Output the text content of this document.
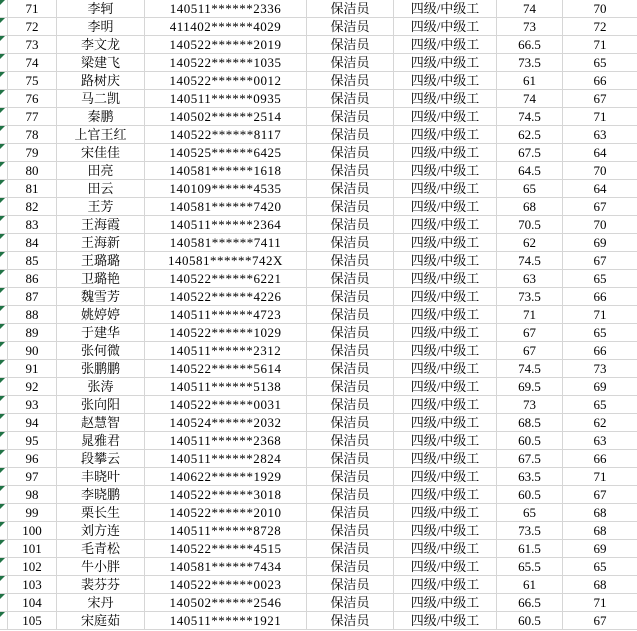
71	李轲	140511******2336	保洁员	四级/中级工	74	70
72	李明	411402******4029	保洁员	四级/中级工	73	72
73	李文龙	140522******2019	保洁员	四级/中级工	66.5	71
74	梁建飞	140522******1035	保洁员	四级/中级工	73.5	65
75	路树庆	140522******0012	保洁员	四级/中级工	61	66
76	马二凯	140511******0935	保洁员	四级/中级工	74	67
77	秦鹏	140502******2514	保洁员	四级/中级工	74.5	71
78	上官王红	140522******8117	保洁员	四级/中级工	62.5	63
79	宋佳佳	140525******6425	保洁员	四级/中级工	67.5	64
80	田亮	140581******1618	保洁员	四级/中级工	64.5	70
81	田云	140109******4535	保洁员	四级/中级工	65	64
82	王芳	140581******7420	保洁员	四级/中级工	68	67
83	王海霞	140511******2364	保洁员	四级/中级工	70.5	70
84	王海新	140581******7411	保洁员	四级/中级工	62	69
85	王璐璐	140581******742X	保洁员	四级/中级工	74.5	67
86	卫璐艳	140522******6221	保洁员	四级/中级工	63	65
87	魏雪芳	140522******4226	保洁员	四级/中级工	73.5	66
88	姚婷婷	140511******4723	保洁员	四级/中级工	71	71
89	于建华	140522******1029	保洁员	四级/中级工	67	65
90	张何微	140511******2312	保洁员	四级/中级工	67	66
91	张鹏鹏	140522******5614	保洁员	四级/中级工	74.5	73
92	张涛	140511******5138	保洁员	四级/中级工	69.5	69
93	张向阳	140522******0031	保洁员	四级/中级工	73	65
94	赵慧智	140524******2032	保洁员	四级/中级工	68.5	62
95	晁雅君	140511******2368	保洁员	四级/中级工	60.5	63
96	段攀云	140511******2824	保洁员	四级/中级工	67.5	66
97	丰晓叶	140622******1929	保洁员	四级/中级工	63.5	71
98	李晓鹏	140522******3018	保洁员	四级/中级工	60.5	67
99	栗长生	140522******2010	保洁员	四级/中级工	65	68
100	刘方连	140511******8728	保洁员	四级/中级工	73.5	68
101	毛青松	140522******4515	保洁员	四级/中级工	61.5	69
102	牛小胖	140581******7434	保洁员	四级/中级工	65.5	65
103	裴芬芬	140522******0023	保洁员	四级/中级工	61	68
104	宋丹	140502******2546	保洁员	四级/中级工	66.5	71
105	宋庭茹	140511******1921	保洁员	四级/中级工	60.5	67
